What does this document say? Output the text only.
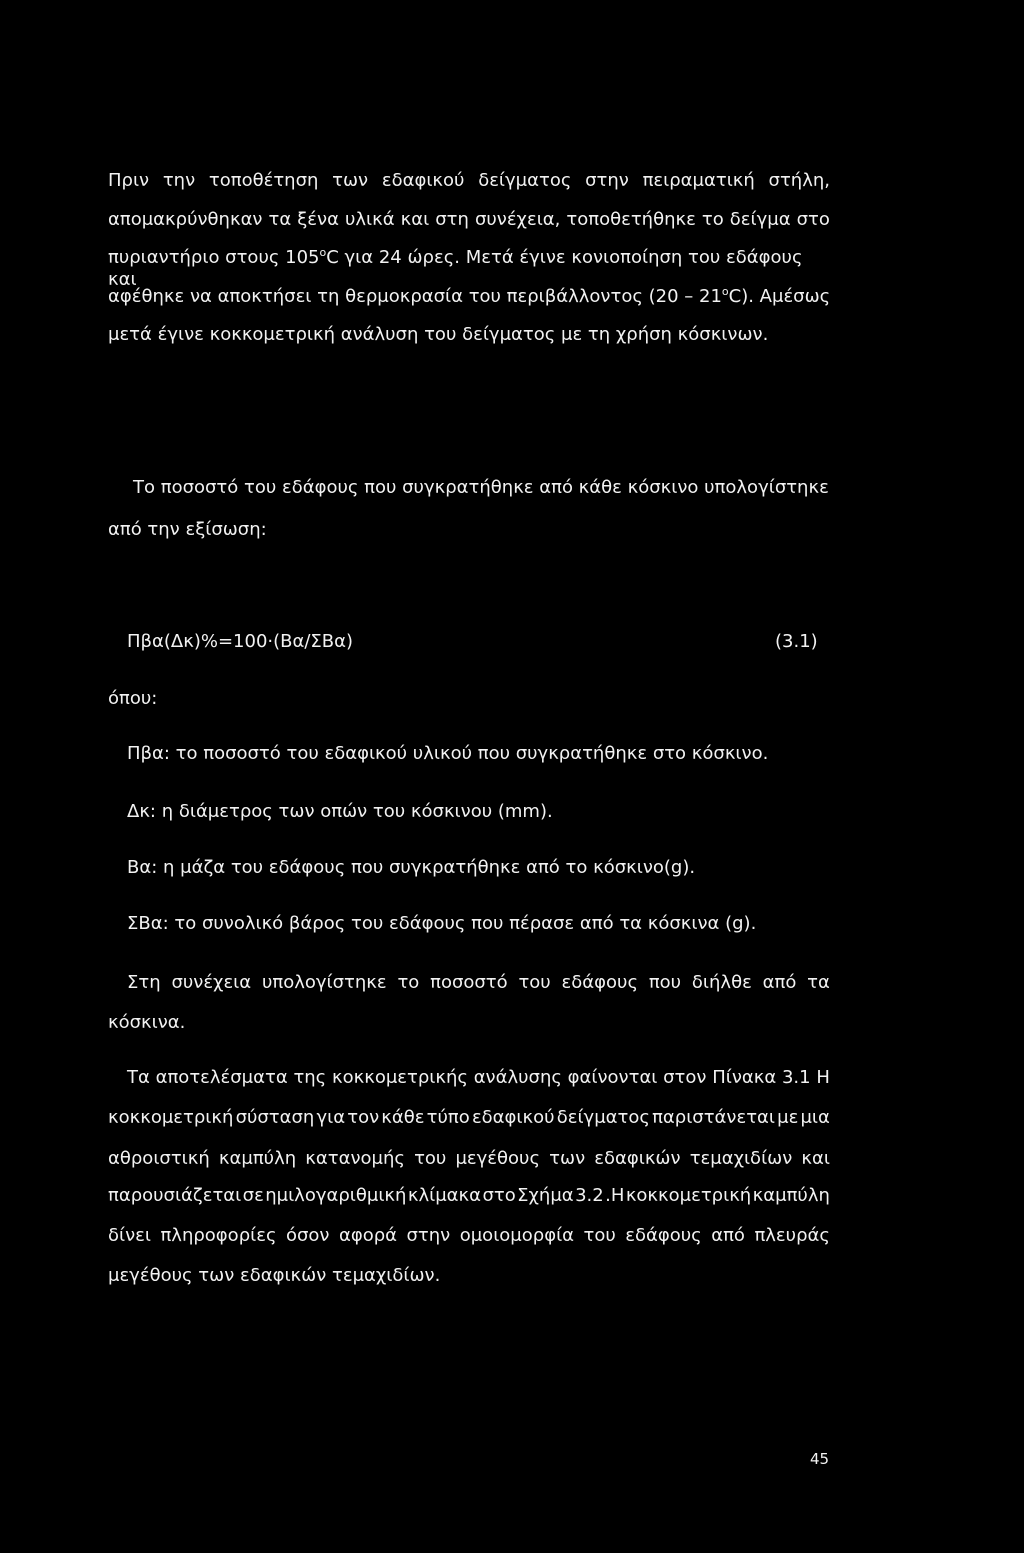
Πριν την τοποθέτηση των εδαφικού δείγματος στην πειραματική στήλη,
απομακρύνθηκαν τα ξένα υλικά και στη συνέχεια, τοποθετήθηκε το δείγμα στο
πυριαντήριο στους $105^oC$ για 24 ώρες. Μετά έγινε κονιοποίηση του εδάφους και
αφέθηκε να αποκτήσει τη θερμοκρασία του περιβάλλοντος $(20 - 21^oC)$. Αμέσως
μετά έγινε κοκκομετρική ανάλυση του δείγματος με τη χρήση κόσκινων.
Το ποσοστό του εδάφους που συγκρατήθηκε από κάθε κόσκινο υπολογίστηκε
από την εξίσωση:
Πβα(Δκ)%=100·(Βα/ΣΒα)	(3.1)
όπου:
Πβα: το ποσοστό του εδαφικού υλικού που συγκρατήθηκε στο κόσκινο.
Δκ: η διάμετρος των οπών του κόσκινου (mm).
Βα: η μάζα του εδάφους που συγκρατήθηκε από το κόσκινο(g).
ΣΒα: το συνολικό βάρος του εδάφους που πέρασε από τα κόσκινα (g).
Στη συνέχεια υπολογίστηκε το ποσοστό του εδάφους που διήλθε από τα
κόσκινα.
Τα αποτελέσματα της κοκκομετρικής ανάλυσης φαίνονται στον Πίνακα 3.1 Η
κοκκομετρική σύσταση για τον κάθε τύπο εδαφικού δείγματος παριστάνεται με μια
αθροιστική καμπύλη κατανομής του μεγέθους των εδαφικών τεμαχιδίων και
παρουσιάζεται σε ημιλογαριθμική κλίμακα στο Σχήμα 3.2 .Η κοκκομετρική καμπύλη
δίνει πληροφορίες όσον αφορά στην ομοιομορφία του εδάφους από πλευράς
μεγέθους των εδαφικών τεμαχιδίων.
45
